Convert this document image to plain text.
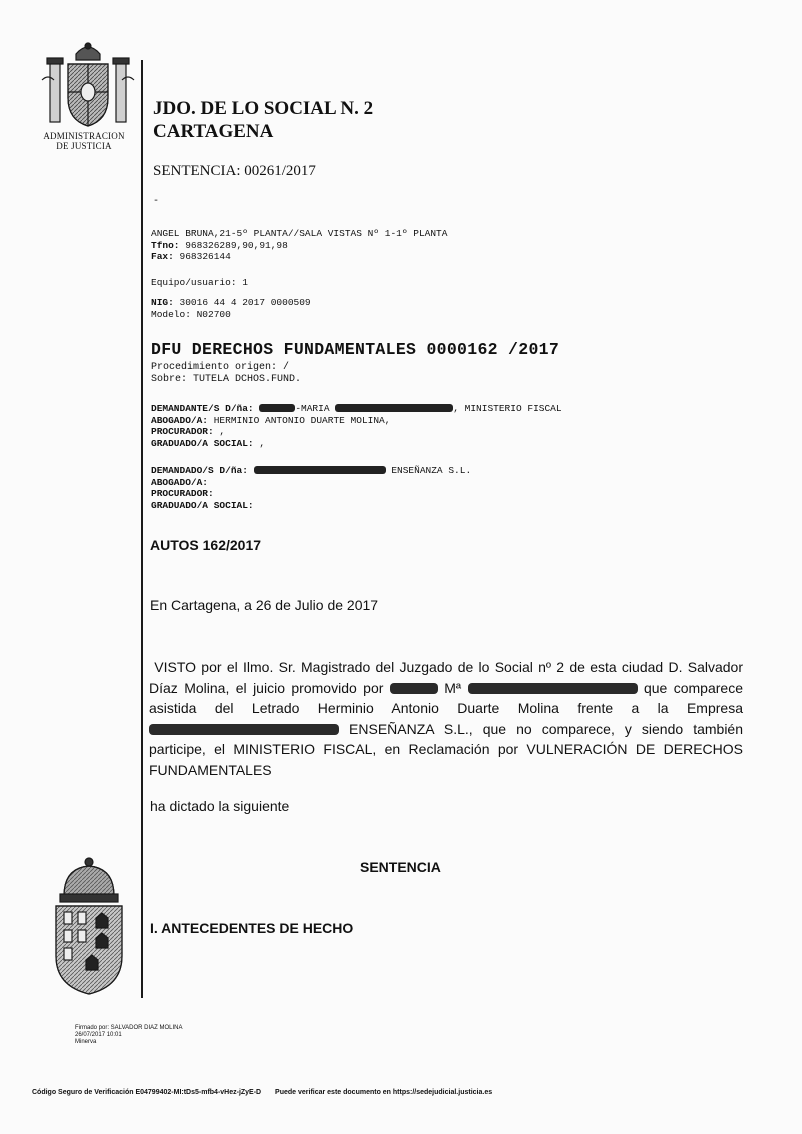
ADMINISTRACION
DE JUSTICIA
JDO. DE LO SOCIAL N. 2
CARTAGENA
SENTENCIA: 00261/2017
-
ANGEL BRUNA,21-5º PLANTA//SALA VISTAS Nº 1-1º PLANTA
Tfno: 968326289,90,91,98
Fax: 968326144
Equipo/usuario: 1
NIG: 30016 44 4 2017 0000509
Modelo: N02700
DFU DERECHOS FUNDAMENTALES 0000162 /2017
Procedimiento origen: /
Sobre: TUTELA DCHOS.FUND.
DEMANDANTE/S D/ña:	-MARIA	, MINISTERIO FISCAL
ABOGADO/A: HERMINIO ANTONIO DUARTE MOLINA,
PROCURADOR: ,
GRADUADO/A SOCIAL: ,
DEMANDADO/S D/ña:	ENSEÑANZA S.L.
ABOGADO/A:
PROCURADOR:
GRADUADO/A SOCIAL:
AUTOS 162/2017
En Cartagena, a 26 de Julio de 2017
VISTO por el Ilmo. Sr. Magistrado del Juzgado de lo Social nº 2 de esta ciudad D. Salvador Díaz Molina, el juicio promovido por	Mª	que comparece asistida del Letrado Herminio Antonio Duarte Molina frente a la Empresa  ENSEÑANZA S.L., que no comparece, y siendo también participe, el MINISTERIO FISCAL, en Reclamación por VULNERACIÓN DE DERECHOS FUNDAMENTALES
ha dictado la siguiente
SENTENCIA
I. ANTECEDENTES DE HECHO
Firmado por: SALVADOR DIAZ MOLINA
26/07/2017 10:01
Minerva
Código Seguro de Verificación E04799402-MI:tDs5-mfb4-vHez-jZyE-D Puede verificar este documento en https://sedejudicial.justicia.es
